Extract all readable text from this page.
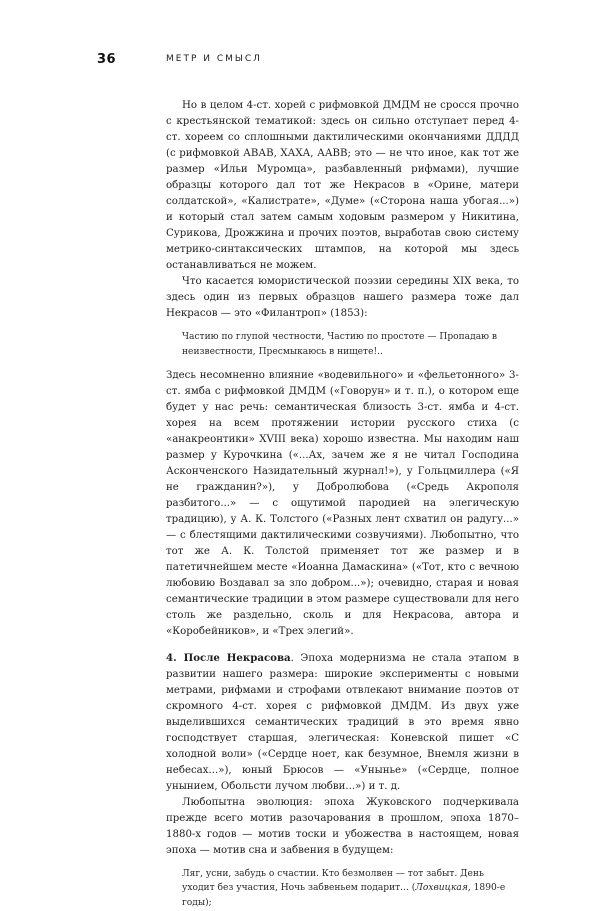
36	МЕТР И СМЫСЛ

Но в целом 4-ст. хорей с рифмовкой ДМДМ не сросся прочно с крестьянской тематикой: здесь он сильно отступает перед 4-ст. хореем со сплошными дактилическими окончаниями ДДДД (с рифмовкой АВАВ, ХАХА, ААВВ; это — не что иное, как тот же размер «Ильи Муромца», разбавленный рифмами), лучшие образцы которого дал тот же Некрасов в «Орине, матери солдатской», «Калистрате», «Думе» («Сторона наша убогая...») и который стал затем самым ходовым размером у Никитина, Сурикова, Дрожжина и прочих поэтов, выработав свою систему метрико-синтаксических штампов, на которой мы здесь останавливаться не можем.

Что касается юмористической поэзии середины XIX века, то здесь один из первых образцов нашего размера тоже дал Некрасов — это «Филантроп» (1853):

Частию по глупой честности, Частию по простоте — Пропадаю в неизвестности, Пресмыкаюсь в нищете!..

Здесь несомненно влияние «водевильного» и «фельетонного» 3-ст. ямба с рифмовкой ДМДМ («Говорун» и т. п.), о котором еще будет у нас речь: семантическая близость 3-ст. ямба и 4-ст. хорея на всем протяжении истории русского стиха (с «анакреонтики» XVIII века) хорошо известна. Мы находим наш размер у Курочкина («...Ах, зачем же я не читал Господина Асконченского Назидательный журнал!»), у Гольцмиллера («Я не гражданин?»), у Добролюбова («Средь Акрополя разбитого...» — с ощутимой пародией на элегическую традицию), у А. К. Толстого («Разных лент схватил он радугу...» — с блестящими дактилическими созвучиями). Любопытно, что тот же А. К. Толстой применяет тот же размер и в патетичнейшем месте «Иоанна Дамаскина» («Тот, кто с вечною любовию Воздавал за зло добром...»); очевидно, старая и новая семантические традиции в этом размере существовали для него столь же раздельно, сколь и для Некрасова, автора и «Коробейников», и «Трех элегий».

4. После Некрасова. Эпоха модернизма не стала этапом в развитии нашего размера: широкие эксперименты с новыми метрами, рифмами и строфами отвлекают внимание поэтов от скромного 4-ст. хорея с рифмовкой ДМДМ. Из двух уже выделившихся семантических традиций в это время явно господствует старшая, элегическая: Коневской пишет «С холодной воли» («Сердце ноет, как безумное, Внемля жизни в небесах...»), юный Брюсов — «Унынье» («Сердце, полное унынием, Обольсти лучом любви...») и т. д.

Любопытна эволюция: эпоха Жуковского подчеркивала прежде всего мотив разочарования в прошлом, эпоха 1870–1880-х годов — мотив тоски и убожества в настоящем, новая эпоха — мотив сна и забвения в будущем:

Ляг, усни, забудь о счастии. Кто безмолвен — тот забыт. День уходит без участия, Ночь забвеньем подарит... (Лохвицкая, 1890-е годы);
